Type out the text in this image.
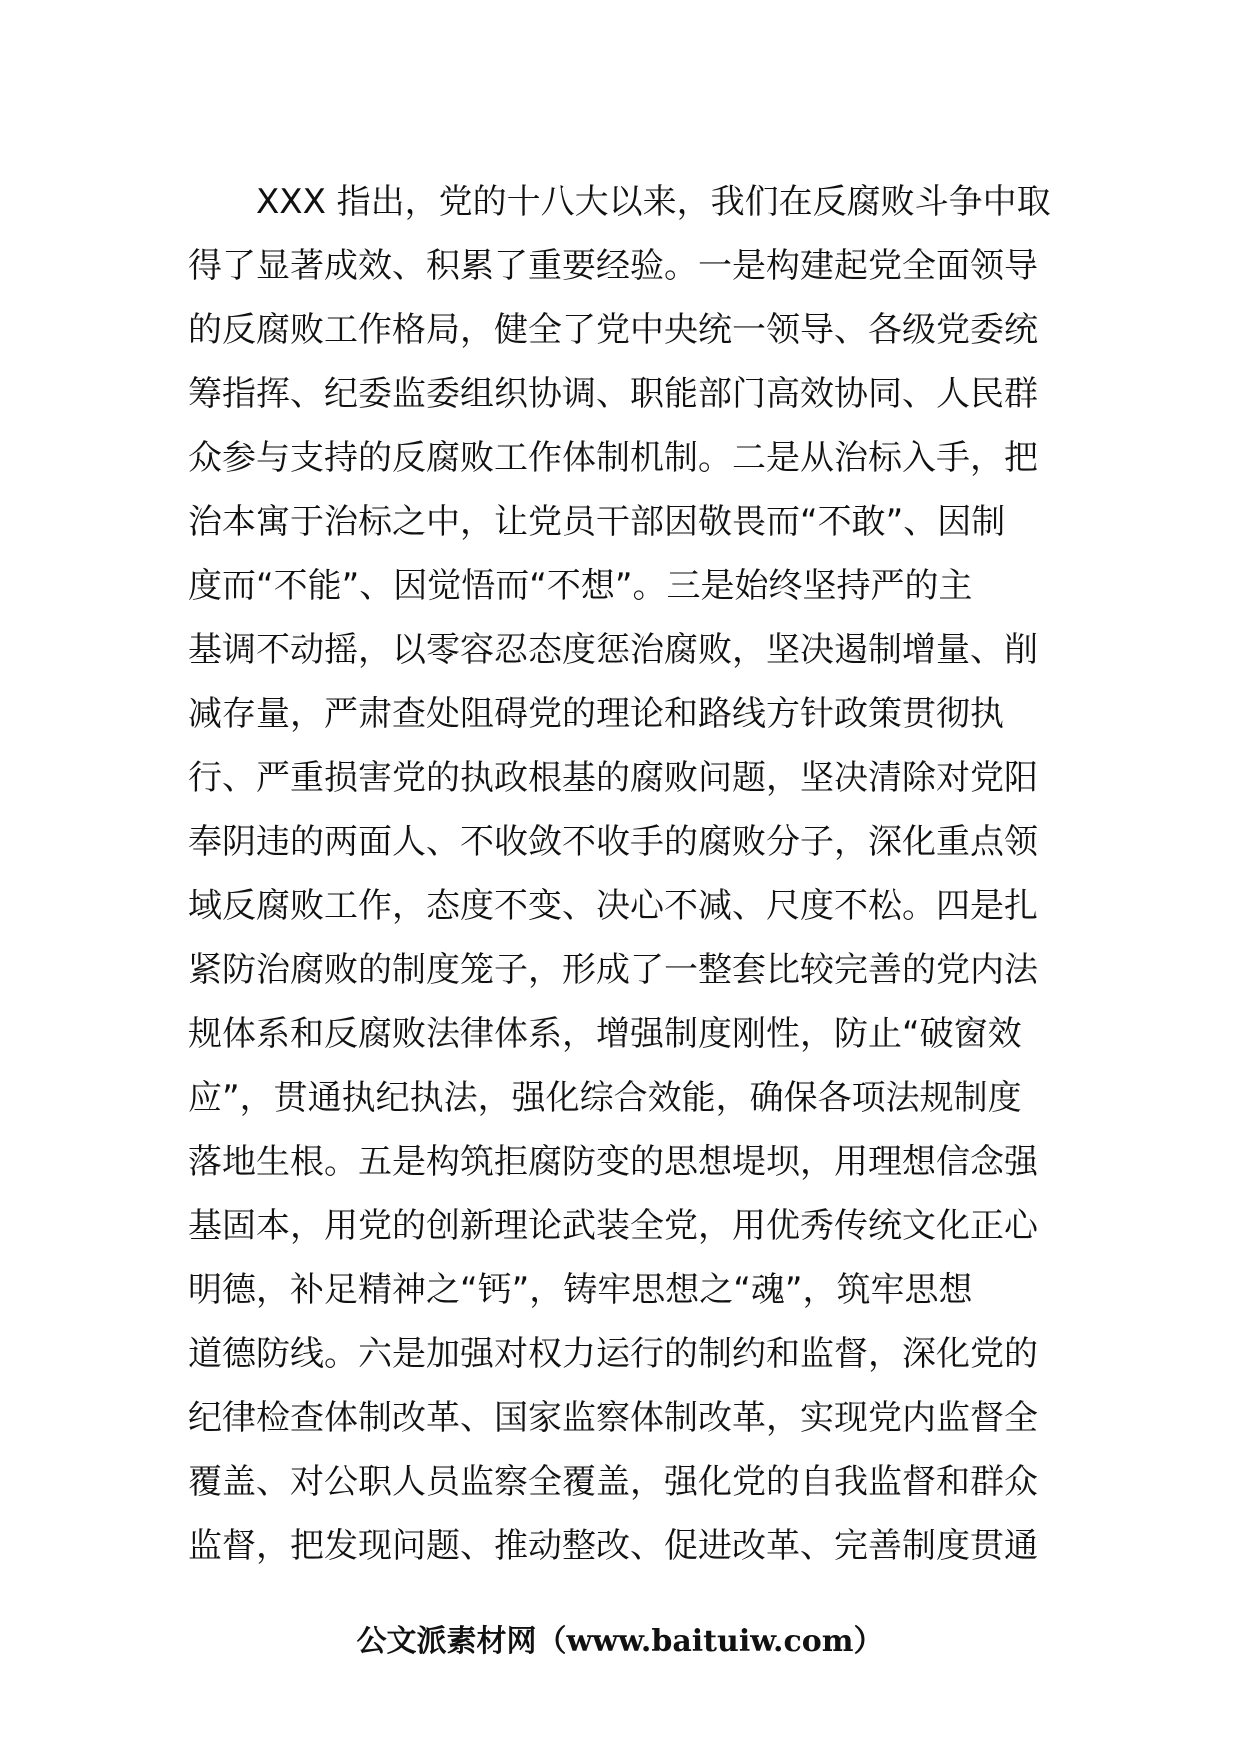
XXX 指出，党的十八大以来，我们在反腐败斗争中取
得了显著成效、积累了重要经验。一是构建起党全面领导
的反腐败工作格局，健全了党中央统一领导、各级党委统
筹指挥、纪委监委组织协调、职能部门高效协同、人民群
众参与支持的反腐败工作体制机制。二是从治标入手，把
治本寓于治标之中，让党员干部因敬畏而“不敢”、因制
度而“不能”、因觉悟而“不想”。三是始终坚持严的主
基调不动摇，以零容忍态度惩治腐败，坚决遏制增量、削
减存量，严肃查处阻碍党的理论和路线方针政策贯彻执
行、严重损害党的执政根基的腐败问题，坚决清除对党阳
奉阴违的两面人、不收敛不收手的腐败分子，深化重点领
域反腐败工作，态度不变、决心不减、尺度不松。四是扎
紧防治腐败的制度笼子，形成了一整套比较完善的党内法
规体系和反腐败法律体系，增强制度刚性，防止“破窗效
应”，贯通执纪执法，强化综合效能，确保各项法规制度
落地生根。五是构筑拒腐防变的思想堤坝，用理想信念强
基固本，用党的创新理论武装全党，用优秀传统文化正心
明德，补足精神之“钙”，铸牢思想之“魂”，筑牢思想
道德防线。六是加强对权力运行的制约和监督，深化党的
纪律检查体制改革、国家监察体制改革，实现党内监督全
覆盖、对公职人员监察全覆盖，强化党的自我监督和群众
监督，把发现问题、推动整改、促进改革、完善制度贯通
公文派素材网（www.baituiw.com）
